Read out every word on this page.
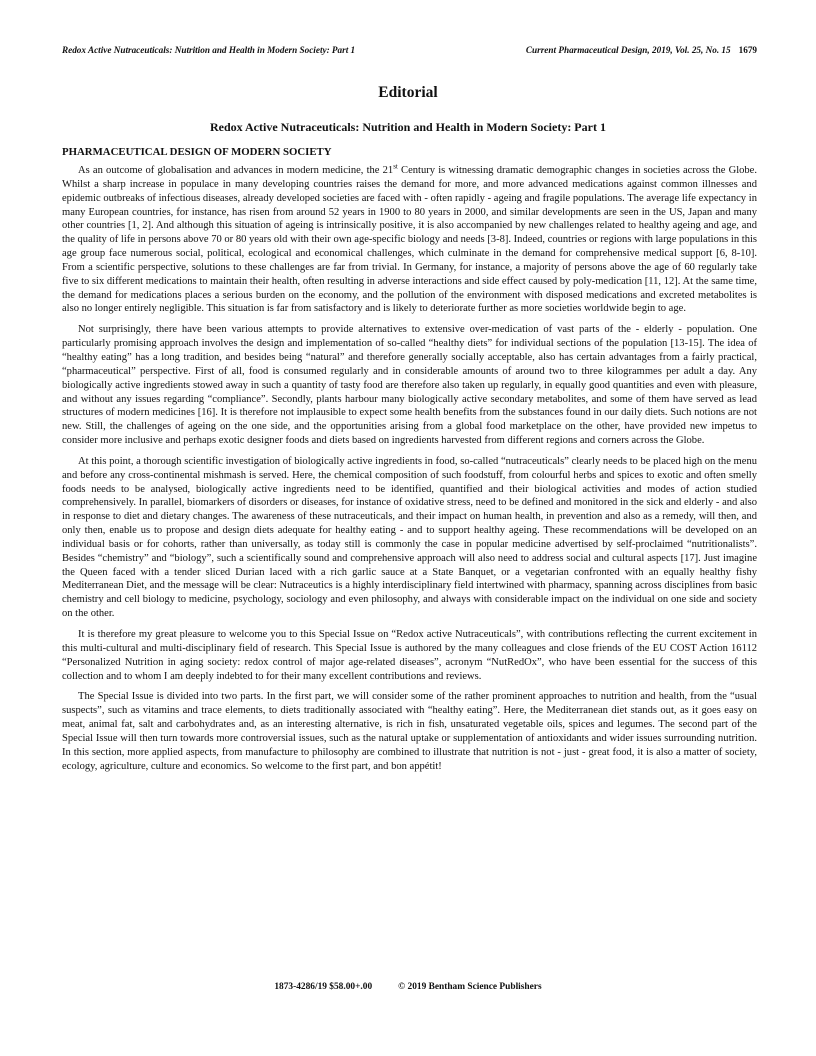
Redox Active Nutraceuticals: Nutrition and Health in Modern Society: Part 1	Current Pharmaceutical Design, 2019, Vol. 25, No. 15 1679
Editorial
Redox Active Nutraceuticals: Nutrition and Health in Modern Society: Part 1
PHARMACEUTICAL DESIGN OF MODERN SOCIETY

As an outcome of globalisation and advances in modern medicine, the 21st Century is witnessing dramatic demographic changes in societies across the Globe. Whilst a sharp increase in populace in many developing countries raises the demand for more, and more advanced medications against common illnesses and epidemic outbreaks of infectious diseases, already developed societies are faced with - often rapidly - ageing and fragile populations. The average life expectancy in many European countries, for instance, has risen from around 52 years in 1900 to 80 years in 2000, and similar developments are seen in the US, Japan and many other countries [1, 2]. And although this situation of ageing is intrinsically positive, it is also accompanied by new challenges related to healthy ageing and age, and the quality of life in persons above 70 or 80 years old with their own age-specific biology and needs [3-8]. Indeed, countries or regions with large populations in this age group face numerous social, political, ecological and economical challenges, which culminate in the demand for comprehensive medical support [6, 8-10]. From a scientific perspective, solutions to these challenges are far from trivial. In Germany, for instance, a majority of persons above the age of 60 regularly take five to six different medications to maintain their health, often resulting in adverse interactions and side effect caused by poly-medication [11, 12]. At the same time, the demand for medications places a serious burden on the economy, and the pollution of the environment with disposed medications and excreted metabolites is also no longer entirely negligible. This situation is far from satisfactory and is likely to deteriorate further as more societies worldwide begin to age.

Not surprisingly, there have been various attempts to provide alternatives to extensive over-medication of vast parts of the - elderly - population. One particularly promising approach involves the design and implementation of so-called “healthy diets” for individual sections of the population [13-15]. The idea of “healthy eating” has a long tradition, and besides being “natural” and therefore generally socially acceptable, also has certain advantages from a fairly practical, “pharmaceutical” perspective. First of all, food is consumed regularly and in considerable amounts of around two to three kilogrammes per adult a day. Any biologically active ingredients stowed away in such a quantity of tasty food are therefore also taken up regularly, in equally good quantities and even with pleasure, and without any issues regarding “compliance”. Secondly, plants harbour many biologically active secondary metabolites, and some of them have served as lead structures of modern medicines [16]. It is therefore not implausible to expect some health benefits from the substances found in our daily diets. Such notions are not new. Still, the challenges of ageing on the one side, and the opportunities arising from a global food marketplace on the other, have provided new impetus to consider more inclusive and perhaps exotic designer foods and diets based on ingredients harvested from different regions and corners across the Globe.

At this point, a thorough scientific investigation of biologically active ingredients in food, so-called “nutraceuticals” clearly needs to be placed high on the menu and before any cross-continental mishmash is served. Here, the chemical composition of such foodstuff, from colourful herbs and spices to exotic and often smelly foods needs to be analysed, biologically active ingredients need to be identified, quantified and their biological activities and modes of action studied comprehensively. In parallel, biomarkers of disorders or diseases, for instance of oxidative stress, need to be defined and monitored in the sick and elderly - and also in response to diet and dietary changes. The awareness of these nutraceuticals, and their impact on human health, in prevention and also as a remedy, will then, and only then, enable us to propose and design diets adequate for healthy eating - and to support healthy ageing. These recommendations will be developed on an individual basis or for cohorts, rather than universally, as today still is commonly the case in popular medicine advertised by self-proclaimed “nutritionalists”. Besides “chemistry” and “biology”, such a scientifically sound and comprehensive approach will also need to address social and cultural aspects [17]. Just imagine the Queen faced with a tender sliced Durian laced with a rich garlic sauce at a State Banquet, or a vegetarian confronted with an equally healthy fishy Mediterranean Diet, and the message will be clear: Nutraceutics is a highly interdisciplinary field intertwined with pharmacy, spanning across disciplines from basic chemistry and cell biology to medicine, psychology, sociology and even philosophy, and always with considerable impact on the individual on one side and society on the other.

It is therefore my great pleasure to welcome you to this Special Issue on “Redox active Nutraceuticals”, with contributions reflecting the current excitement in this multi-cultural and multi-disciplinary field of research. This Special Issue is authored by the many colleagues and close friends of the EU COST Action 16112 “Personalized Nutrition in aging society: redox control of major age-related diseases”, acronym “NutRedOx”, who have been essential for the success of this collection and to whom I am deeply indebted to for their many excellent contributions and reviews.

The Special Issue is divided into two parts. In the first part, we will consider some of the rather prominent approaches to nutrition and health, from the “usual suspects”, such as vitamins and trace elements, to diets traditionally associated with “healthy eating”. Here, the Mediterranean diet stands out, as it goes easy on meat, animal fat, salt and carbohydrates and, as an interesting alternative, is rich in fish, unsaturated vegetable oils, spices and legumes. The second part of the Special Issue will then turn towards more controversial issues, such as the natural uptake or supplementation of antioxidants and wider issues surrounding nutrition. In this section, more applied aspects, from manufacture to philosophy are combined to illustrate that nutrition is not - just - great food, it is also a matter of society, ecology, agriculture, culture and economics. So welcome to the first part, and bon appétit!

1873-4286/19 $58.00+.00	© 2019 Bentham Science Publishers
